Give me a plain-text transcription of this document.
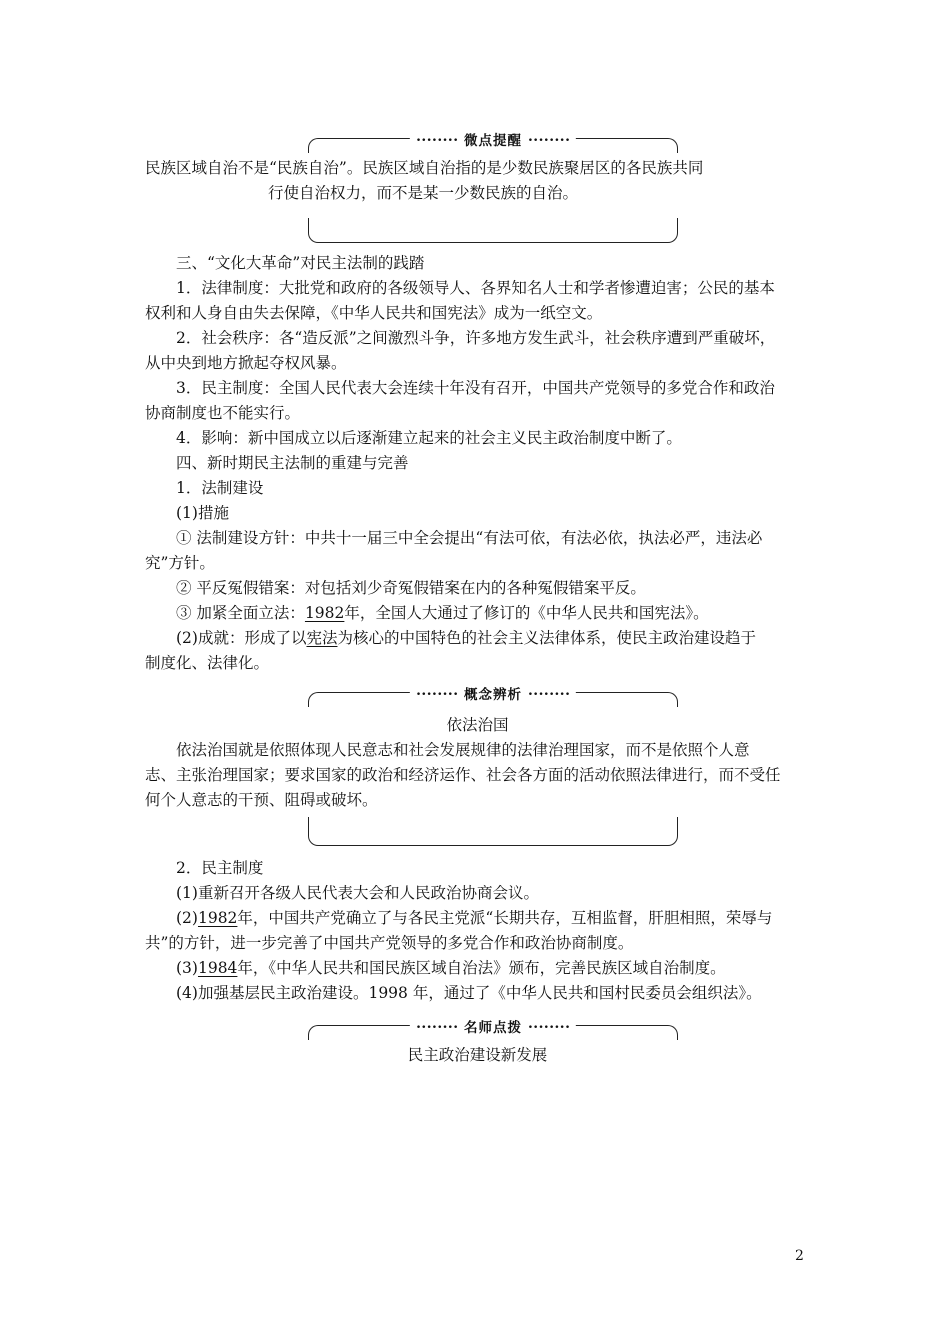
•••••••• 微点提醒 ••••••••

民族区域自治不是“民族自治”。民族区域自治指的是少数民族聚居区的各民族共同

行使自治权力，而不是某一少数民族的自治。

三、“文化大革命”对民主法制的践踏

1．法律制度：大批党和政府的各级领导人、各界知名人士和学者惨遭迫害；公民的基本

权利和人身自由失去保障，《中华人民共和国宪法》成为一纸空文。

2．社会秩序：各“造反派”之间激烈斗争，许多地方发生武斗，社会秩序遭到严重破坏，

从中央到地方掀起夺权风暴。

3．民主制度：全国人民代表大会连续十年没有召开，中国共产党领导的多党合作和政治

协商制度也不能实行。

4．影响：新中国成立以后逐渐建立起来的社会主义民主政治制度中断了。

四、新时期民主法制的重建与完善

1．法制建设

(1)措施

① 法制建设方针：中共十一届三中全会提出“有法可依，有法必依，执法必严，违法必

究”方针。

② 平反冤假错案：对包括刘少奇冤假错案在内的各种冤假错案平反。

③ 加紧全面立法：1982年，全国人大通过了修订的《中华人民共和国宪法》。

(2)成就：形成了以宪法为核心的中国特色的社会主义法律体系，使民主政治建设趋于

制度化、法律化。

•••••••• 概念辨析 ••••••••
依法治国

依法治国就是依照体现人民意志和社会发展规律的法律治理国家，而不是依照个人意

志、主张治理国家；要求国家的政治和经济运作、社会各方面的活动依照法律进行，而不受任

何个人意志的干预、阻碍或破坏。

2．民主制度

(1)重新召开各级人民代表大会和人民政治协商会议。

(2)1982年，中国共产党确立了与各民主党派“长期共存，互相监督，肝胆相照，荣辱与

共”的方针，进一步完善了中国共产党领导的多党合作和政治协商制度。

(3)1984年，《中华人民共和国民族区域自治法》颁布，完善民族区域自治制度。

(4)加强基层民主政治建设。1998 年，通过了《中华人民共和国村民委员会组织法》。

•••••••• 名师点拨 ••••••••
民主政治建设新发展
2
